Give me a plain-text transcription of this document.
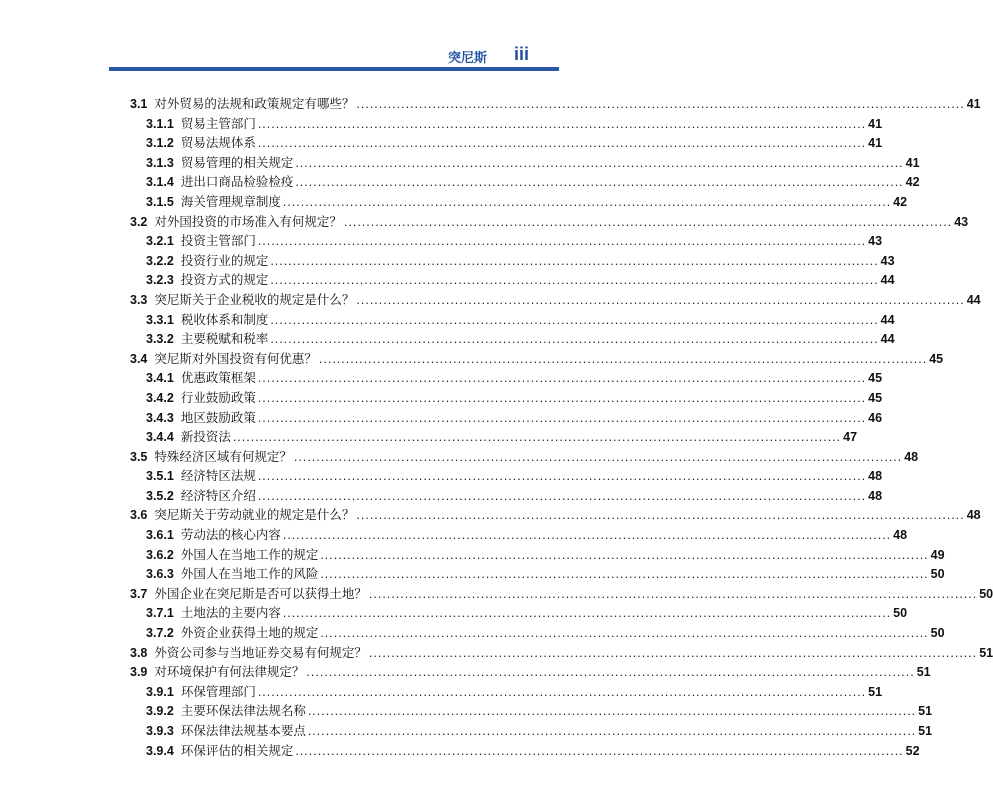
突尼斯 iii
3.1 对外贸易的法规和政策规定有哪些？ .....	41
3.1.1 贸易主管部门 .....	41
3.1.2 贸易法规体系 .....	41
3.1.3 贸易管理的相关规定 .....	41
3.1.4 进出口商品检验检疫 .....	42
3.1.5 海关管理规章制度 .....	42
3.2 对外国投资的市场准入有何规定？ .....	43
3.2.1 投资主管部门 .....	43
3.2.2 投资行业的规定 .....	43
3.2.3 投资方式的规定 .....	44
3.3 突尼斯关于企业税收的规定是什么？ .....	44
3.3.1 税收体系和制度 .....	44
3.3.2 主要税赋和税率 .....	44
3.4 突尼斯对外国投资有何优惠？ .....	45
3.4.1 优惠政策框架 .....	45
3.4.2 行业鼓励政策 .....	45
3.4.3 地区鼓励政策 .....	46
3.4.4 新投资法 .....	47
3.5 特殊经济区域有何规定？ .....	48
3.5.1 经济特区法规 .....	48
3.5.2 经济特区介绍 .....	48
3.6 突尼斯关于劳动就业的规定是什么？ .....	48
3.6.1 劳动法的核心内容 .....	48
3.6.2 外国人在当地工作的规定 .....	49
3.6.3 外国人在当地工作的风险 .....	50
3.7 外国企业在突尼斯是否可以获得土地？ .....	50
3.7.1 土地法的主要内容 .....	50
3.7.2 外资企业获得土地的规定 .....	50
3.8 外资公司参与当地证券交易有何规定？ .....	51
3.9 对环境保护有何法律规定？ .....	51
3.9.1 环保管理部门 .....	51
3.9.2 主要环保法律法规名称 .....	51
3.9.3 环保法律法规基本要点 .....	51
3.9.4 环保评估的相关规定 .....	52
